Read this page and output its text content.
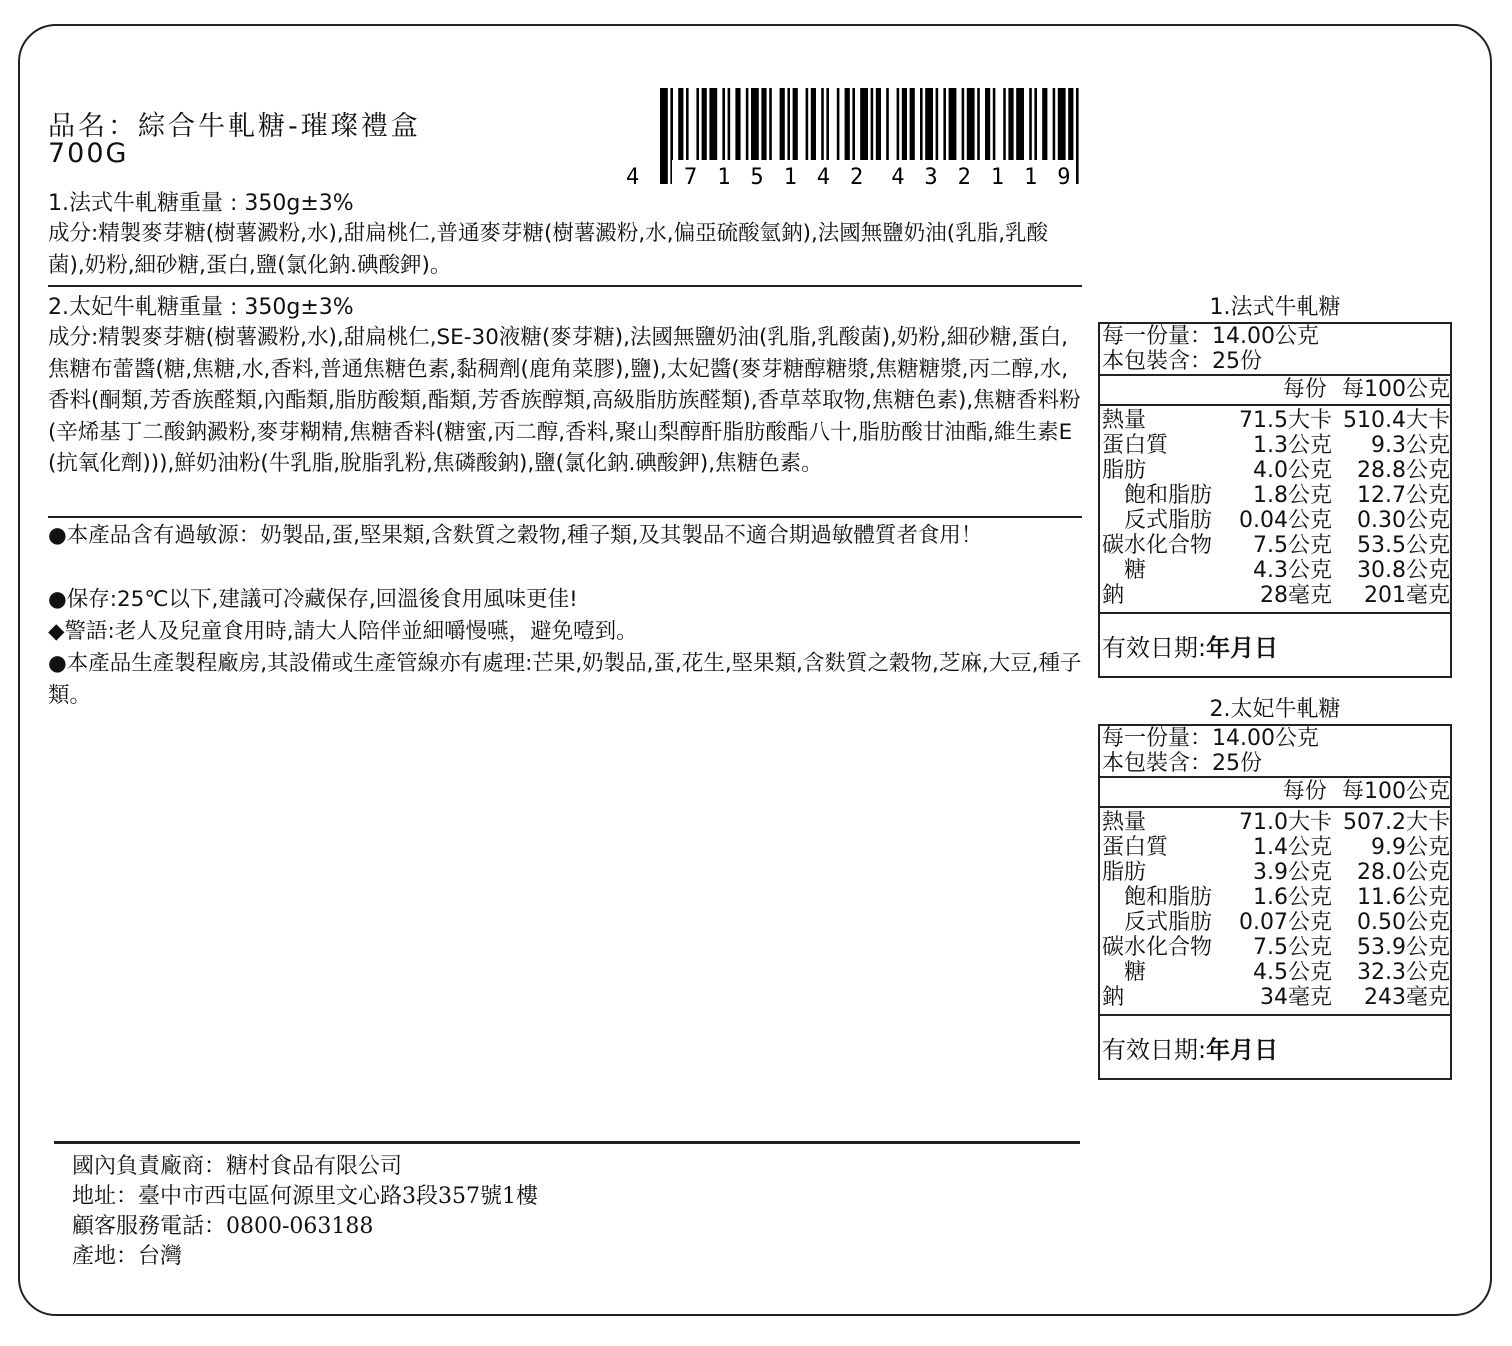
品名：綜合牛軋糖-璀璨禮盒
700G
4 7 1 5 1 4 2 4 3 2 1 1 9
1.法式牛軋糖重量 : 350g±3%
成分:精製麥芽糖(樹薯澱粉,水),甜扁桃仁,普通麥芽糖(樹薯澱粉,水,偏亞硫酸氫鈉),法國無鹽奶油(乳脂,乳酸菌),奶粉,細砂糖,蛋白,鹽(氯化鈉.碘酸鉀)。
2.太妃牛軋糖重量 : 350g±3%
成分:精製麥芽糖(樹薯澱粉,水),甜扁桃仁,SE-30液糖(麥芽糖),法國無鹽奶油(乳脂,乳酸菌),奶粉,細砂糖,蛋白,焦糖布蕾醬(糖,焦糖,水,香料,普通焦糖色素,黏稠劑(鹿角菜膠),鹽),太妃醬(麥芽糖醇糖漿,焦糖糖漿,丙二醇,水,香料(酮類,芳香族醛類,內酯類,脂肪酸類,酯類,芳香族醇類,高級脂肪族醛類),香草萃取物,焦糖色素),焦糖香料粉(辛烯基丁二酸鈉澱粉,麥芽糊精,焦糖香料(糖蜜,丙二醇,香料,聚山梨醇酐脂肪酸酯八十,脂肪酸甘油酯,維生素E(抗氧化劑))),鮮奶油粉(牛乳脂,脫脂乳粉,焦磷酸鈉),鹽(氯化鈉.碘酸鉀),焦糖色素。
●本產品含有過敏源：奶製品,蛋,堅果類,含麩質之穀物,種子類,及其製品不適合期過敏體質者食用！
●保存:25℃以下,建議可冷藏保存,回溫後食用風味更佳!
◆警語:老人及兒童食用時,請大人陪伴並細嚼慢嚥，避免噎到。
●本產品生產製程廠房,其設備或生產管線亦有處理:芒果,奶製品,蛋,花生,堅果類,含麩質之穀物,芝麻,大豆,種子類。
國內負責廠商：糖村食品有限公司
地址：臺中市西屯區何源里文心路3段357號1樓
顧客服務電話：0800-063188
產地：台灣
1.法式牛軋糖
每一份量：14.00公克
本包裝含：25份
每份 每100公克
熱量	71.5大卡 510.4大卡
蛋白質	1.3公克	9.3公克
脂肪	4.0公克	28.8公克
飽和脂肪	1.8公克	12.7公克
反式脂肪	0.04公克	0.30公克
碳水化合物	7.5公克	53.5公克
糖	4.3公克	30.8公克
鈉	28毫克	201毫克
有效日期: 年月日
2.太妃牛軋糖
每一份量：14.00公克
本包裝含：25份
每份 每100公克
熱量	71.0大卡 507.2大卡
蛋白質	1.4公克	9.9公克
脂肪	3.9公克	28.0公克
飽和脂肪	1.6公克	11.6公克
反式脂肪	0.07公克	0.50公克
碳水化合物	7.5公克	53.9公克
糖	4.5公克	32.3公克
鈉	34毫克	243毫克
有效日期: 年月日
